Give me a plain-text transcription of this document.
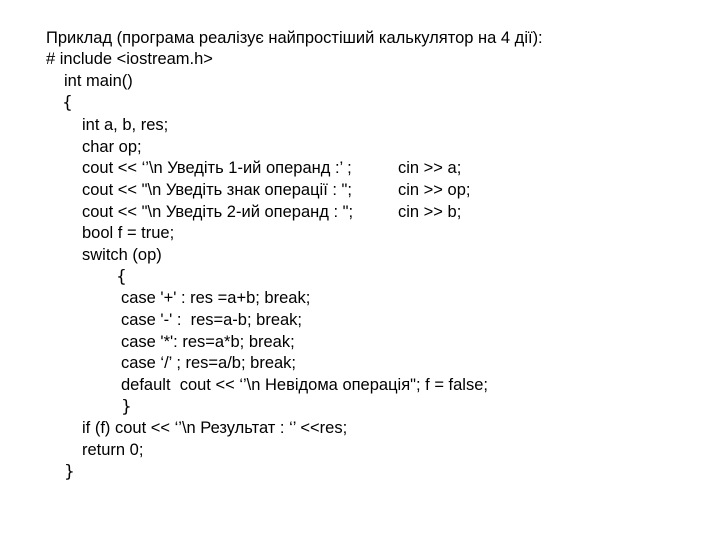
Приклад (програма реалізує найпростіший калькулятор на 4 дії):
# include <iostream.h>
int main()
{
int a, b, res;
char op;
cout << ‘’\n Уведіть 1-ий операнд :’ ;	cin >> a;
cout << "\n Уведіть знак операції : ";	cin >> op;
cout << "\n Уведіть 2-ий операнд : ";	cin >> b;
bool f = true;
switch (op)
{
case '+' : res =a+b; break;
case '-' :  res=a-b; break;
case '*': res=a*b; break;
case ‘/’ ; res=a/b; break;
default  cout << ‘’\n Невідома операція"; f = false;
}
if (f) cout << ‘’\n Результат : ‘’ <<res;
return 0;
}
